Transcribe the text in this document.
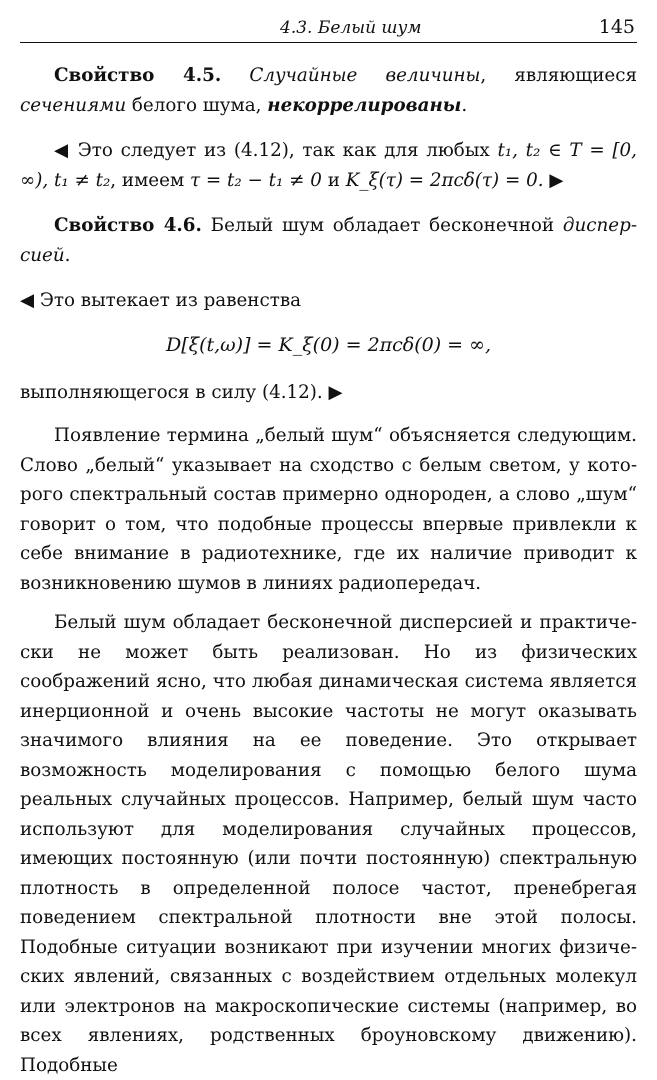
4.3. Белый шум	145

Свойство 4.5. Случайные величины, являющиеся сечениями белого шума, некоррелированы.

◀ Это следует из (4.12), так как для любых t₁, t₂ ∈ T = [0, ∞), t₁ ≠ t₂, имеем τ = t₂ − t₁ ≠ 0 и K_ξ(τ) = 2πcδ(τ) = 0. ▶

Свойство 4.6. Белый шум обладает бесконечной дисперсией.

◀ Это вытекает из равенства

D[ξ(t,ω)] = K_ξ(0) = 2πcδ(0) = ∞,

выполняющегося в силу (4.12). ▶

Появление термина „белый шум“ объясняется следующим. Слово „белый“ указывает на сходство с белым светом, у которого спектральный состав примерно однороден, а слово „шум“ говорит о том, что подобные процессы впервые привлекли к себе внимание в радиотехнике, где их наличие приводит к возникновению шумов в линиях радиопередач.

Белый шум обладает бесконечной дисперсией и практически не может быть реализован. Но из физических соображений ясно, что любая динамическая система является инерционной и очень высокие частоты не могут оказывать значимого влияния на ее поведение. Это открывает возможность моделирования с помощью белого шума реальных случайных процессов. Например, белый шум часто используют для моделирования случайных процессов, имеющих постоянную (или почти постоянную) спектральную плотность в определенной полосе частот, пренебрегая поведением спектральной плотности вне этой полосы. Подобные ситуации возникают при изучении многих физических явлений, связанных с воздействием отдельных молекул или электронов на макроскопические системы (например, во всех явлениях, родственных броуновскому движению). Подобные
